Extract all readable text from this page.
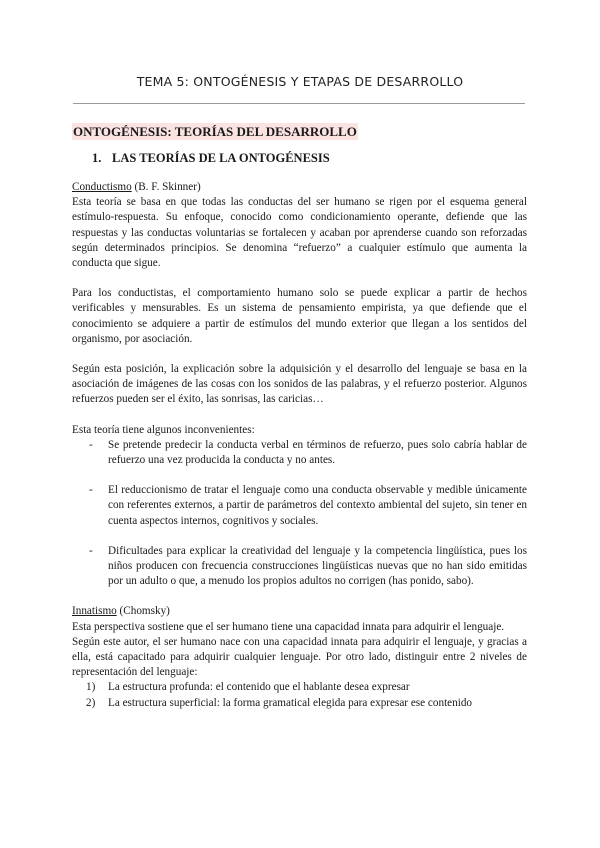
TEMA 5: ONTOGÉNESIS Y ETAPAS DE DESARROLLO
ONTOGÉNESIS: TEORÍAS DEL DESARROLLO
1. LAS TEORÍAS DE LA ONTOGÉNESIS

Conductismo (B. F. Skinner)

Esta teoría se basa en que todas las conductas del ser humano se rigen por el esquema general estímulo-respuesta. Su enfoque, conocido como condicionamiento operante, defiende que las respuestas y las conductas voluntarias se fortalecen y acaban por aprenderse cuando son reforzadas según determinados principios. Se denomina “refuerzo” a cualquier estímulo que aumenta la conducta que sigue.

Para los conductistas, el comportamiento humano solo se puede explicar a partir de hechos verificables y mensurables. Es un sistema de pensamiento empirista, ya que defiende que el conocimiento se adquiere a partir de estímulos del mundo exterior que llegan a los sentidos del organismo, por asociación.

Según esta posición, la explicación sobre la adquisición y el desarrollo del lenguaje se basa en la asociación de imágenes de las cosas con los sonidos de las palabras, y el refuerzo posterior. Algunos refuerzos pueden ser el éxito, las sonrisas, las caricias…

Esta teoría tiene algunos inconvenientes:

- Se pretende predecir la conducta verbal en términos de refuerzo, pues solo cabría hablar de refuerzo una vez producida la conducta y no antes.
- El reduccionismo de tratar el lenguaje como una conducta observable y medible únicamente con referentes externos, a partir de parámetros del contexto ambiental del sujeto, sin tener en cuenta aspectos internos, cognitivos y sociales.
- Dificultades para explicar la creatividad del lenguaje y la competencia lingüística, pues los niños producen con frecuencia construcciones lingüísticas nuevas que no han sido emitidas por un adulto o que, a menudo los propios adultos no corrigen (has ponido, sabo).

Innatismo (Chomsky)

Esta perspectiva sostiene que el ser humano tiene una capacidad innata para adquirir el lenguaje.

Según este autor, el ser humano nace con una capacidad innata para adquirir el lenguaje, y gracias a ella, está capacitado para adquirir cualquier lenguaje. Por otro lado, distinguir entre 2 niveles de representación del lenguaje:

1) La estructura profunda: el contenido que el hablante desea expresar
2) La estructura superficial: la forma gramatical elegida para expresar ese contenido
